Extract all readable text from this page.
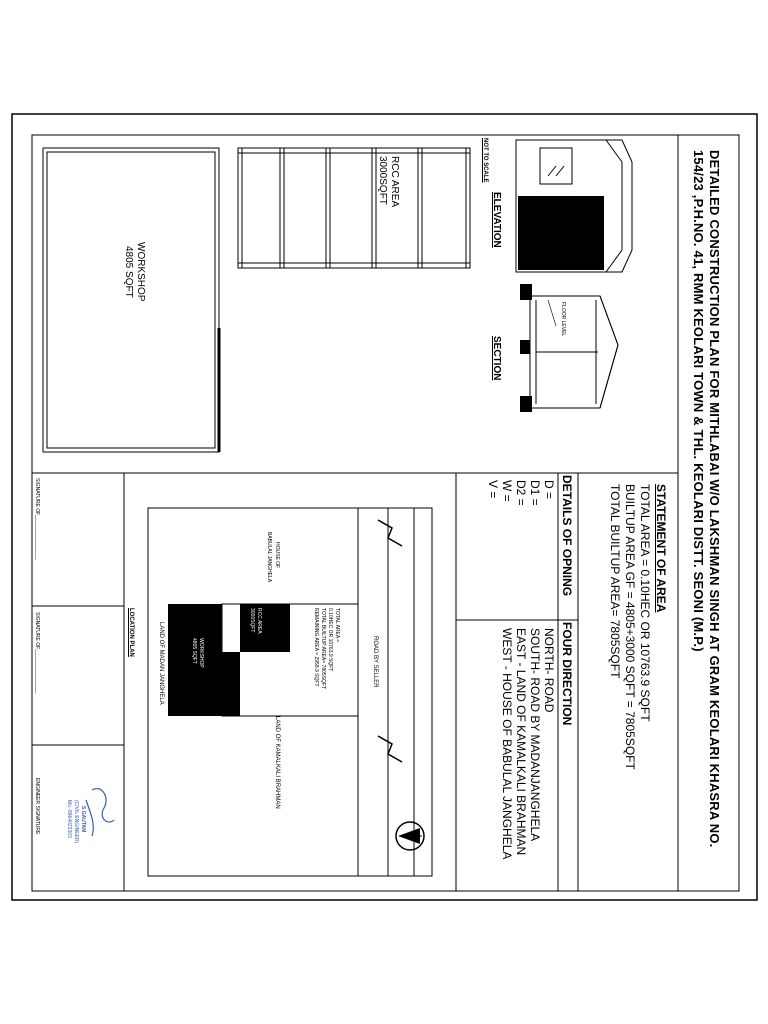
DETAILED CONSTRUCTION PLAN FOR MITHLABAI W/O LAKSHMAN SINGH AT GRAM KEOLARI KHASRA NO.
154/23 ,P.H.NO. 41, RMM KEOLARI TOWN & THL. KEOLARI DISTT. SEONI (M.P.)
STATEMENT OF AREA
TOTAL AREA = 0.10HEC OR 10763.9 SQFT
BUILTUP AREA GF = 4805+3000 SQFT = 7805SQFT
TOTAL BUILTUP AREA= 7805SQFT
DETAILS OF OPNING
D =
D1 =
D2 =
W =
V =
FOUR DIRECTION
NORTH- ROAD
SOUTH- ROAD BY MADANJANGHELA
EAST - LAND OF KAMALKALI BRAHMAN
WEST - HOUSE OF BABULAL JANGHELA
ELEVATION
SECTION
NOT TO SCALE
FLOOR LEVEL
RCC AREA
3000SQFT
WORKSHOP
4805 SQFT
LOCATION PLAN
ROAD BY SELLER
LAND OF KAMALKALI BRAHMAN
LAND OF MADAN JANGHELA
HOUSE OF
BABULAL JANGHELA
TOTAL AREA =
0.10HEC OR 10763.9 SQFT
TOTAL BUILTUP AREA= 7805SQFT
REMAINING AREA = 2958.9 SQFT
RCC AREA
3000SQFT
WORKSHOP
4805 SQFT
SIGNATURE OF________________
SIGNATURE OF________________
ENGINEER SIGNATURE	S.GAUTAM
(CIVIL ENGINEER)
Mo.-8964023303
